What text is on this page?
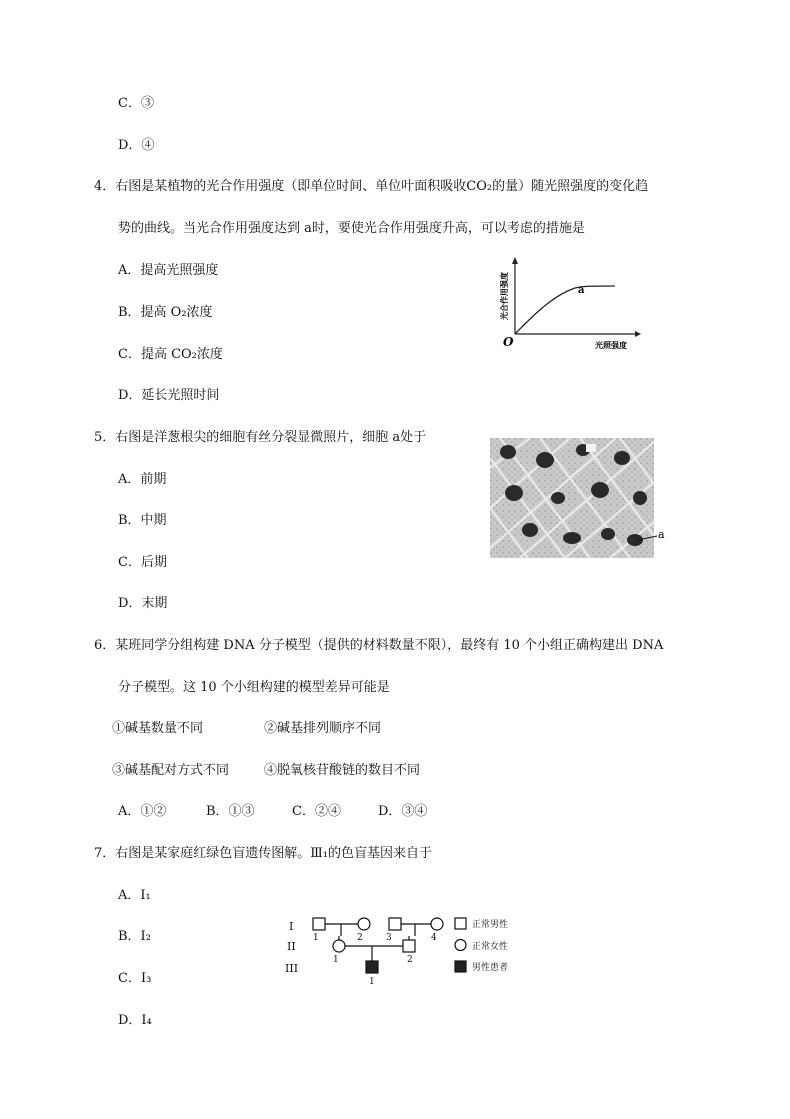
C．③
D．④
4．右图是某植物的光合作用强度（即单位时间、单位叶面积吸收CO₂的量）随光照强度的变化趋
势的曲线。当光合作用强度达到 a时，要使光合作用强度升高，可以考虑的措施是
A．提高光照强度
B．提高 O₂浓度
C．提高 CO₂浓度
D．延长光照时间
a
O	光照强度
光合作用强度
5．右图是洋葱根尖的细胞有丝分裂显微照片，细胞 a处于
A．前期
B．中期
C．后期
D．末期
a
6．某班同学分组构建 DNA 分子模型（提供的材料数量不限），最终有 10 个小组正确构建出 DNA
分子模型。这 10 个小组构建的模型差异可能是
①碱基数量不同	②碱基排列顺序不同
③碱基配对方式不同	④脱氧核苷酸链的数目不同
A．①②	B．①③	C．②④	D．③④
7．右图是某家庭红绿色盲遗传图解。Ⅲ₁的色盲基因来自于
A．I₁
B．I₂
C．I₃
D．I₄
I
II
III
1	2	3	4
1	2
1
正常男性
正常女性
男性患者
